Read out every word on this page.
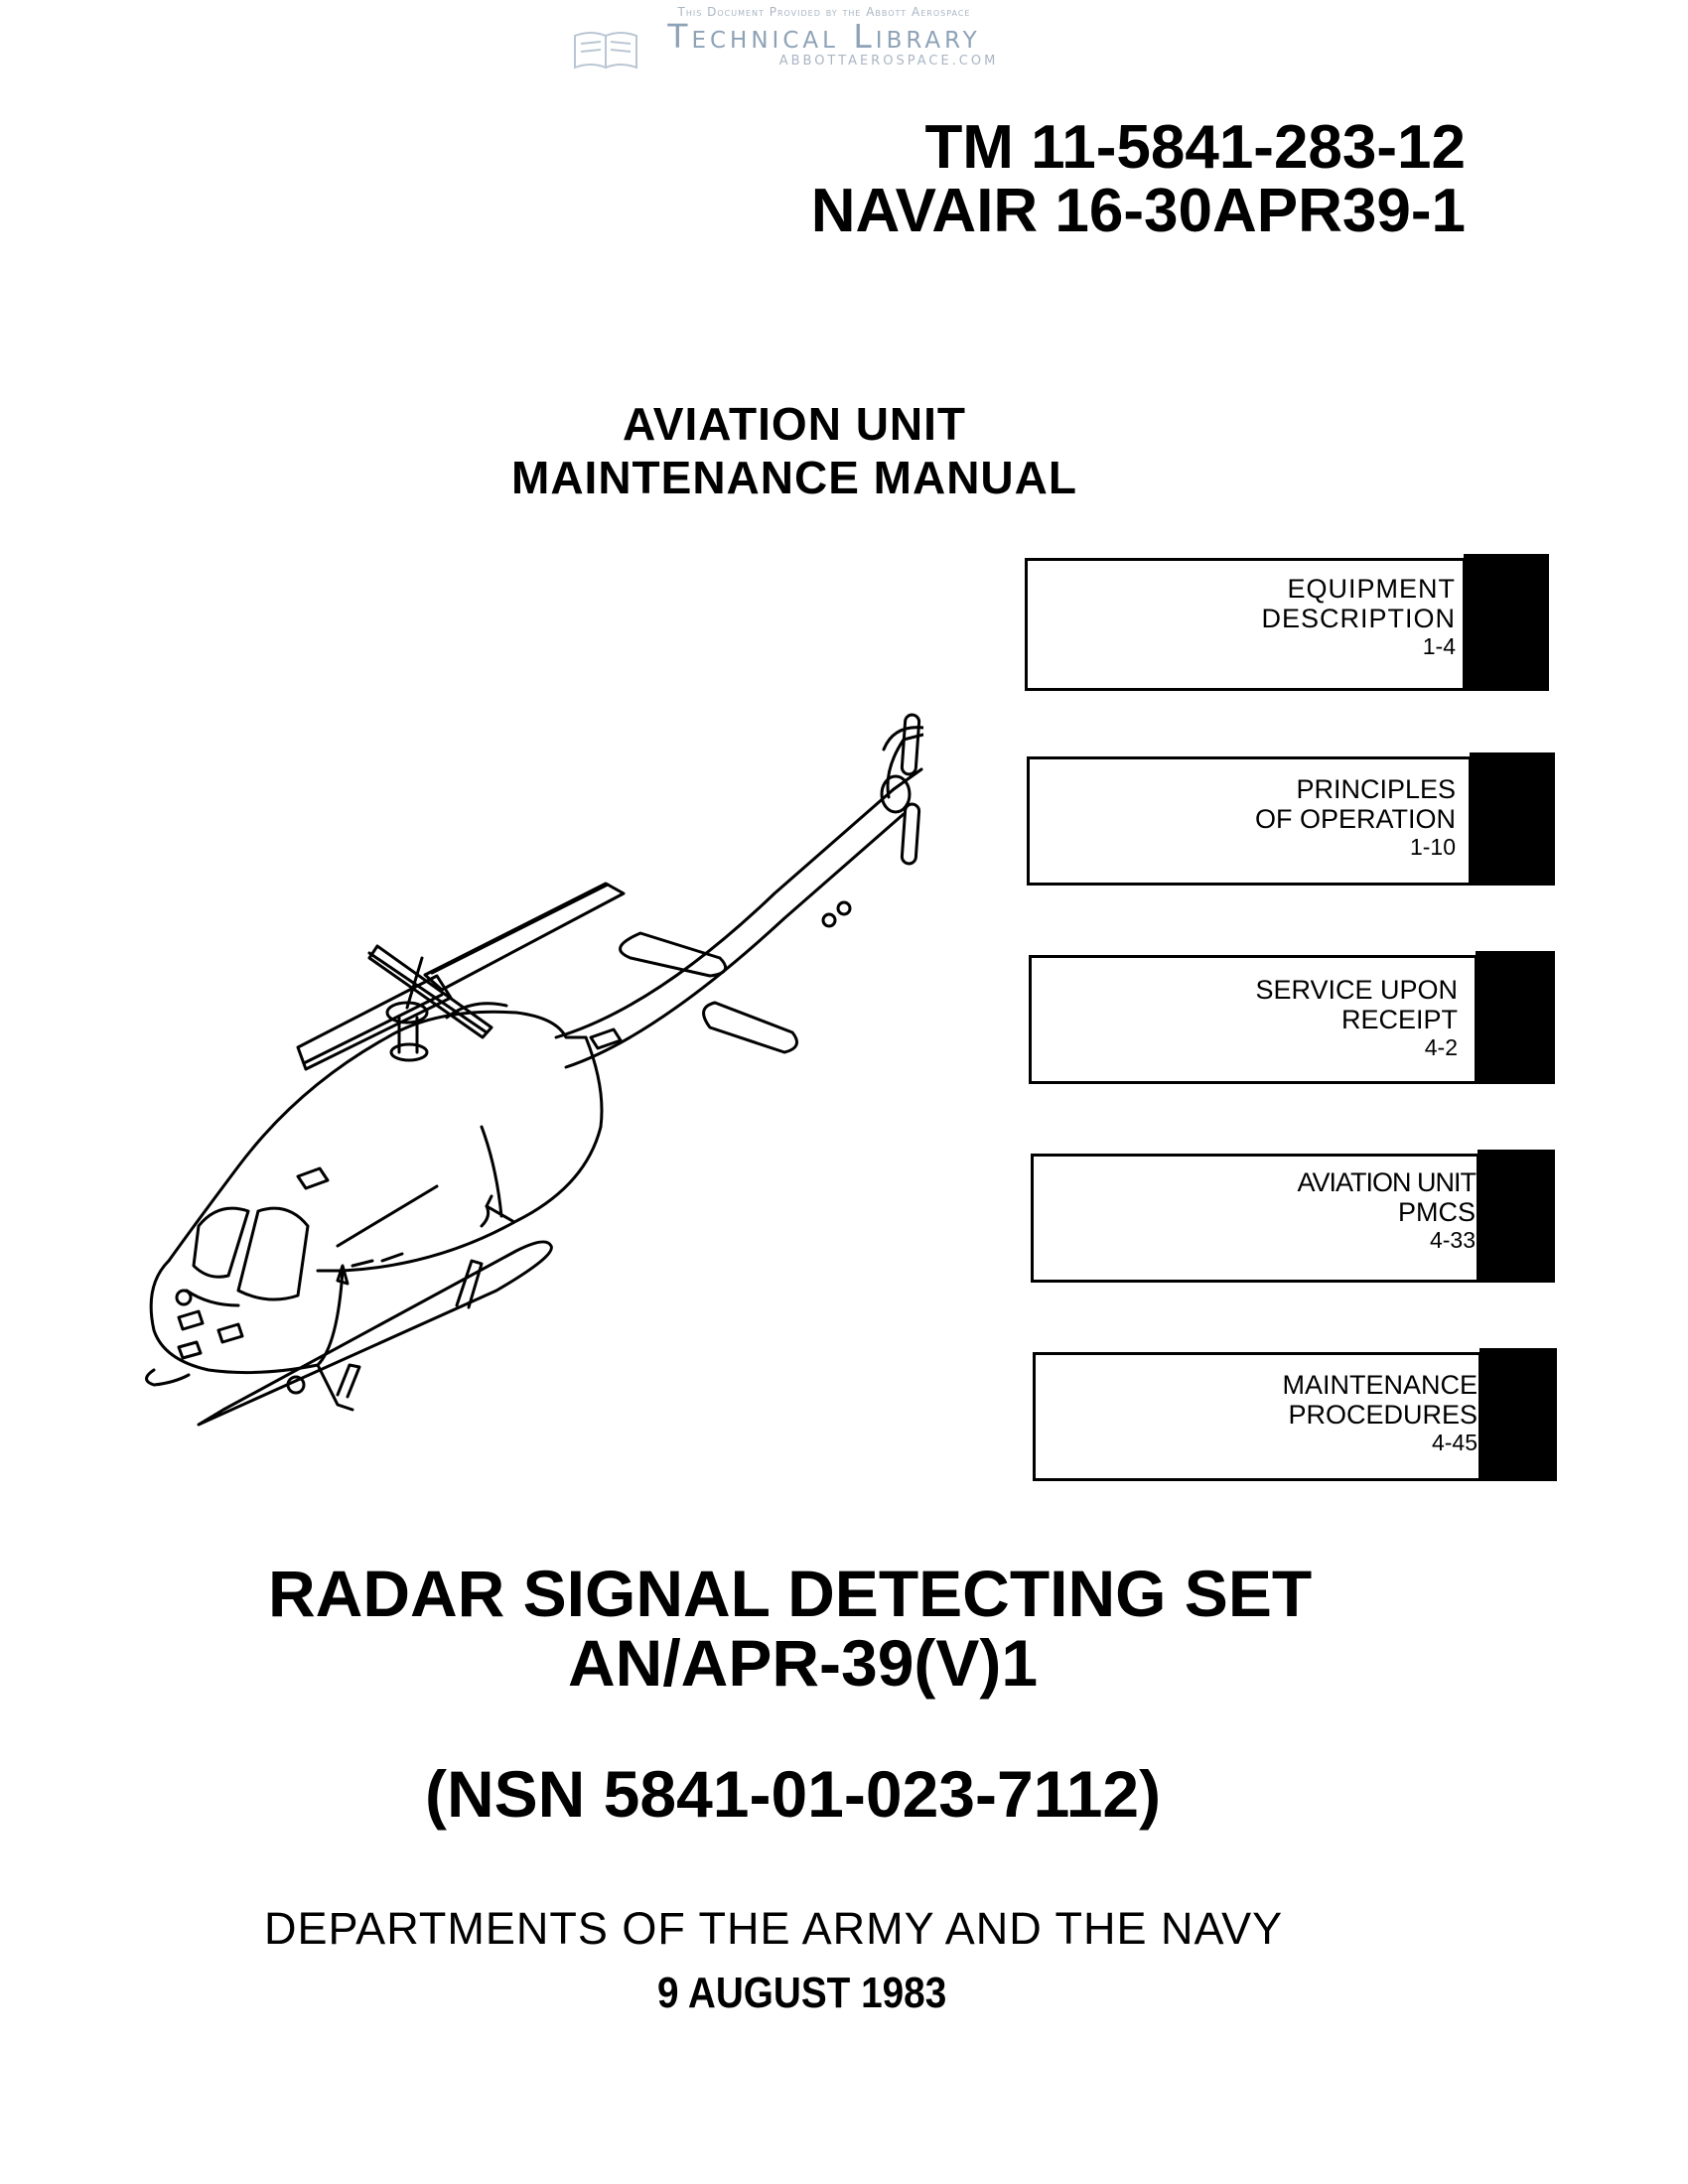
This Document Provided by the Abbott Aerospace
Technical Library
ABBOTTAEROSPACE.COM
TM 11-5841-283-12
NAVAIR 16-30APR39-1
AVIATION UNIT
MAINTENANCE MANUAL
EQUIPMENT
DESCRIPTION
1-4
PRINCIPLES
OF OPERATION
1-10
SERVICE UPON
RECEIPT
4-2
AVIATION UNIT
PMCS
4-33
MAINTENANCE
PROCEDURES
4-45
RADAR SIGNAL DETECTING SET
AN/APR-39(V)1
(NSN 5841-01-023-7112)
DEPARTMENTS OF THE ARMY AND THE NAVY
9 AUGUST 1983
